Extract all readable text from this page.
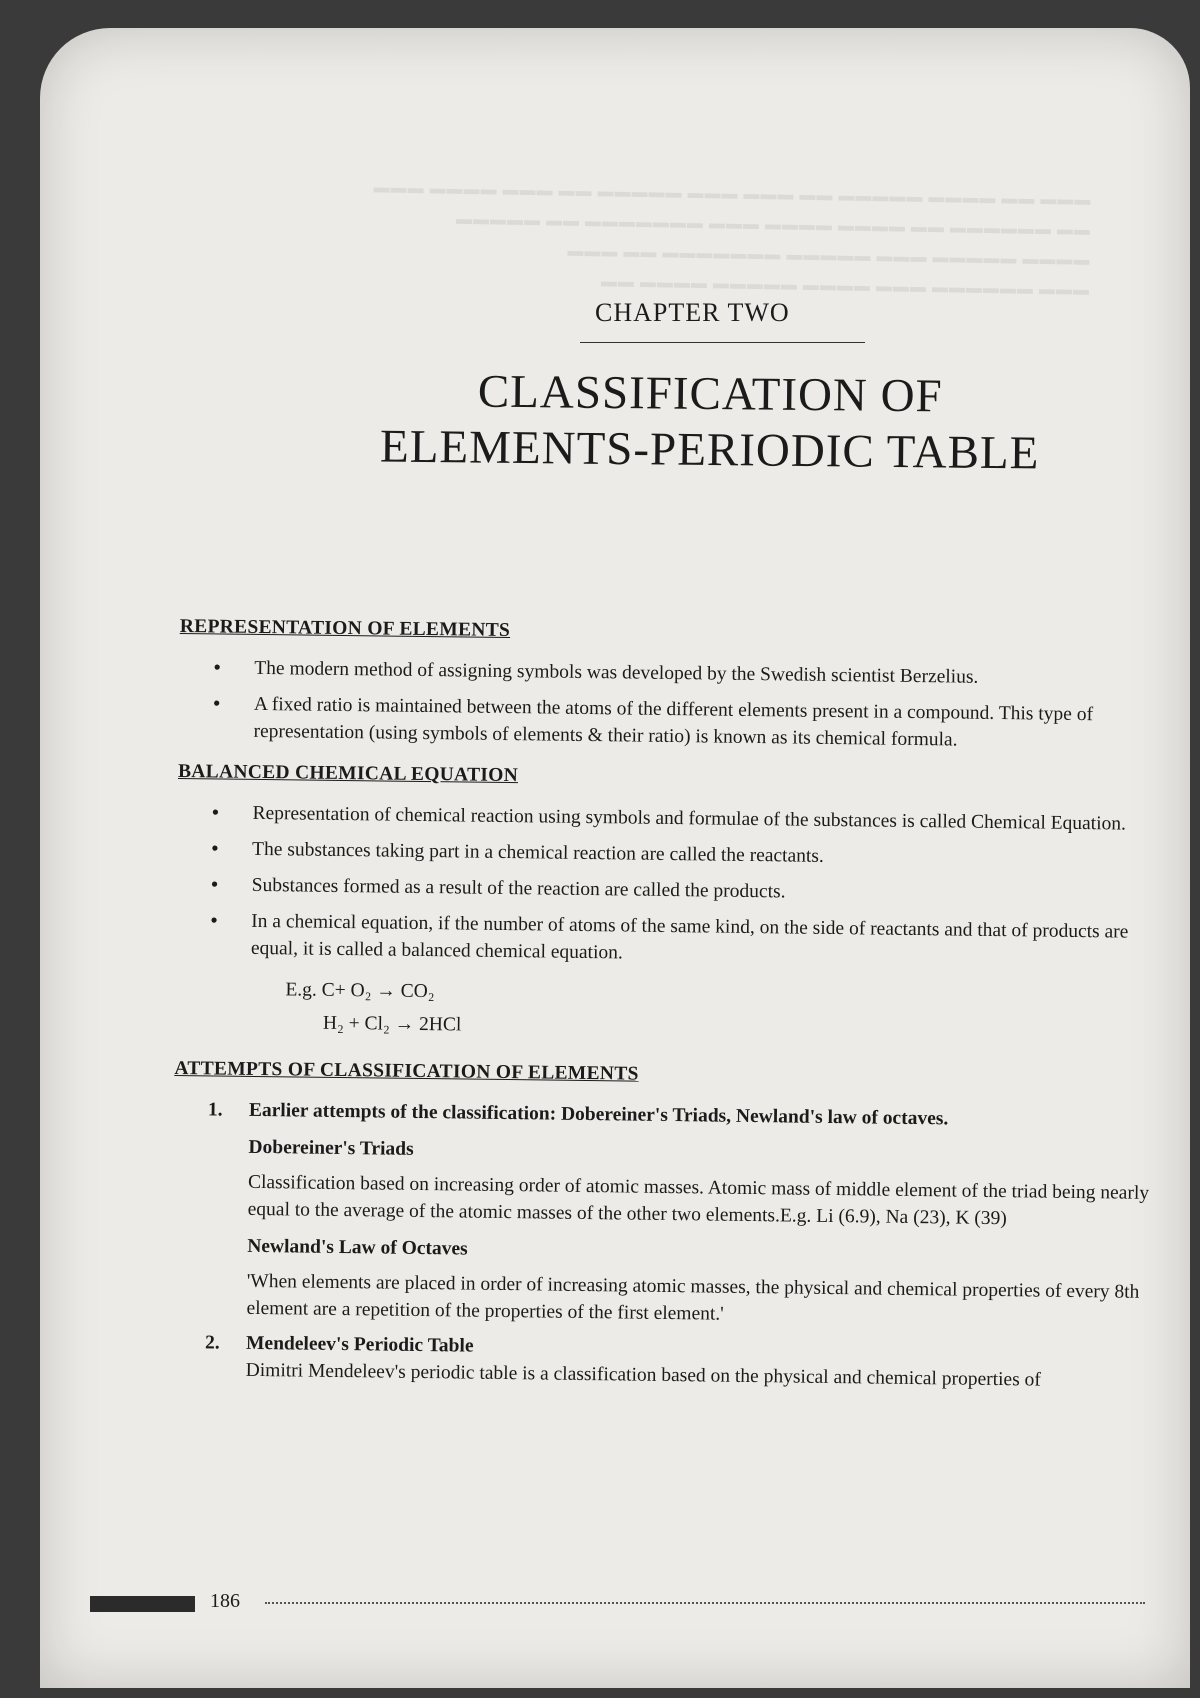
▬▬▬ ▬▬ ▬▬▬▬ ▬▬▬▬▬ ▬▬ ▬▬▬ ▬▬▬ ▬▬▬▬▬ ▬▬ ▬▬▬ ▬▬▬▬ ▬▬▬
▬▬ ▬▬▬▬▬▬ ▬▬ ▬▬▬▬ ▬▬▬▬ ▬▬▬ ▬▬▬▬▬▬▬ ▬▬ ▬▬▬▬▬
▬▬▬▬ ▬▬▬▬▬ ▬▬▬ ▬▬▬▬▬ ▬▬▬▬▬▬▬ ▬▬ ▬▬▬
▬▬▬ ▬▬▬▬▬▬ ▬▬▬ ▬▬▬▬ ▬▬▬▬▬ ▬▬▬▬ ▬▬

CHAPTER TWO
CLASSIFICATION OF
ELEMENTS-PERIODIC TABLE
REPRESENTATION OF ELEMENTS
• The modern method of assigning symbols was developed by the Swedish scientist Berzelius.
• A fixed ratio is maintained between the atoms of the different elements present in a compound. This type of representation (using symbols of elements & their ratio) is known as its chemical formula.
BALANCED CHEMICAL EQUATION
• Representation of chemical reaction using symbols and formulae of the substances is called Chemical Equation.
• The substances taking part in a chemical reaction are called the reactants.
• Substances formed as a result of the reaction are called the products.
• In a chemical equation, if the number of atoms of the same kind, on the side of reactants and that of products are equal, it is called a balanced chemical equation.
E.g. C+ O₂ → CO₂
H₂ + Cl₂ → 2HCl
ATTEMPTS OF CLASSIFICATION OF ELEMENTS
1. Earlier attempts of the classification: Dobereiner's Triads, Newland's law of octaves.
Dobereiner's Triads
Classification based on increasing order of atomic masses. Atomic mass of middle element of the triad being nearly equal to the average of the atomic masses of the other two elements.E.g. Li (6.9), Na (23), K (39)
Newland's Law of Octaves
'When elements are placed in order of increasing atomic masses, the physical and chemical properties of every 8th element are a repetition of the properties of the first element.'
2. Mendeleev's Periodic Table
Dimitri Mendeleev's periodic table is a classification based on the physical and chemical properties of
186
